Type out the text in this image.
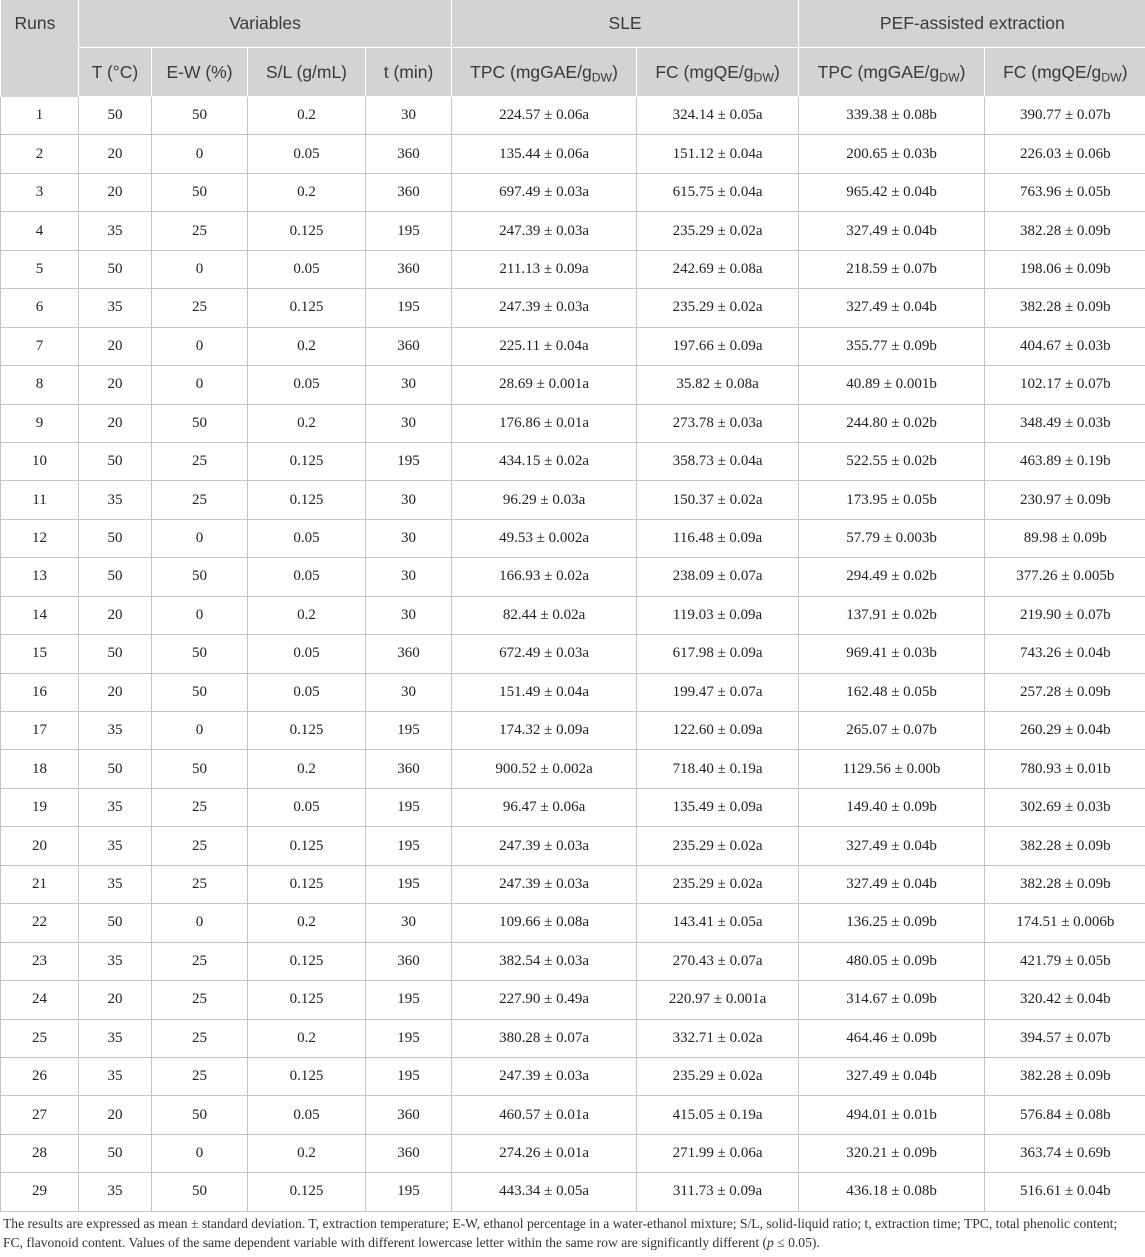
Runs	Variables				SLE		PEF-assisted extraction	
	T (°C)	E-W (%)	S/L (g/mL)	t (min)	TPC $(mgGAE/g_{DW})$	FC $(mgQE/g_{DW})$	TPC $(mgGAE/g_{DW})$	FC $(mgQE/g_{DW})$
1	50	50	0.2	30	224.57 ± 0.06a	324.14 ± 0.05a	339.38 ± 0.08b	390.77 ± 0.07b
2	20	0	0.05	360	135.44 ± 0.06a	151.12 ± 0.04a	200.65 ± 0.03b	226.03 ± 0.06b
3	20	50	0.2	360	697.49 ± 0.03a	615.75 ± 0.04a	965.42 ± 0.04b	763.96 ± 0.05b
4	35	25	0.125	195	247.39 ± 0.03a	235.29 ± 0.02a	327.49 ± 0.04b	382.28 ± 0.09b
5	50	0	0.05	360	211.13 ± 0.09a	242.69 ± 0.08a	218.59 ± 0.07b	198.06 ± 0.09b
6	35	25	0.125	195	247.39 ± 0.03a	235.29 ± 0.02a	327.49 ± 0.04b	382.28 ± 0.09b
7	20	0	0.2	360	225.11 ± 0.04a	197.66 ± 0.09a	355.77 ± 0.09b	404.67 ± 0.03b
8	20	0	0.05	30	28.69 ± 0.001a	35.82 ± 0.08a	40.89 ± 0.001b	102.17 ± 0.07b
9	20	50	0.2	30	176.86 ± 0.01a	273.78 ± 0.03a	244.80 ± 0.02b	348.49 ± 0.03b
10	50	25	0.125	195	434.15 ± 0.02a	358.73 ± 0.04a	522.55 ± 0.02b	463.89 ± 0.19b
11	35	25	0.125	30	96.29 ± 0.03a	150.37 ± 0.02a	173.95 ± 0.05b	230.97 ± 0.09b
12	50	0	0.05	30	49.53 ± 0.002a	116.48 ± 0.09a	57.79 ± 0.003b	89.98 ± 0.09b
13	50	50	0.05	30	166.93 ± 0.02a	238.09 ± 0.07a	294.49 ± 0.02b	377.26 ± 0.005b
14	20	0	0.2	30	82.44 ± 0.02a	119.03 ± 0.09a	137.91 ± 0.02b	219.90 ± 0.07b
15	50	50	0.05	360	672.49 ± 0.03a	617.98 ± 0.09a	969.41 ± 0.03b	743.26 ± 0.04b
16	20	50	0.05	30	151.49 ± 0.04a	199.47 ± 0.07a	162.48 ± 0.05b	257.28 ± 0.09b
17	35	0	0.125	195	174.32 ± 0.09a	122.60 ± 0.09a	265.07 ± 0.07b	260.29 ± 0.04b
18	50	50	0.2	360	900.52 ± 0.002a	718.40 ± 0.19a	1129.56 ± 0.00b	780.93 ± 0.01b
19	35	25	0.05	195	96.47 ± 0.06a	135.49 ± 0.09a	149.40 ± 0.09b	302.69 ± 0.03b
20	35	25	0.125	195	247.39 ± 0.03a	235.29 ± 0.02a	327.49 ± 0.04b	382.28 ± 0.09b
21	35	25	0.125	195	247.39 ± 0.03a	235.29 ± 0.02a	327.49 ± 0.04b	382.28 ± 0.09b
22	50	0	0.2	30	109.66 ± 0.08a	143.41 ± 0.05a	136.25 ± 0.09b	174.51 ± 0.006b
23	35	25	0.125	360	382.54 ± 0.03a	270.43 ± 0.07a	480.05 ± 0.09b	421.79 ± 0.05b
24	20	25	0.125	195	227.90 ± 0.49a	220.97 ± 0.001a	314.67 ± 0.09b	320.42 ± 0.04b
25	35	25	0.2	195	380.28 ± 0.07a	332.71 ± 0.02a	464.46 ± 0.09b	394.57 ± 0.07b
26	35	25	0.125	195	247.39 ± 0.03a	235.29 ± 0.02a	327.49 ± 0.04b	382.28 ± 0.09b
27	20	50	0.05	360	460.57 ± 0.01a	415.05 ± 0.19a	494.01 ± 0.01b	576.84 ± 0.08b
28	50	0	0.2	360	274.26 ± 0.01a	271.99 ± 0.06a	320.21 ± 0.09b	363.74 ± 0.69b
29	35	50	0.125	195	443.34 ± 0.05a	311.73 ± 0.09a	436.18 ± 0.08b	516.61 ± 0.04b
The results are expressed as mean ± standard deviation. T, extraction temperature; E-W, ethanol percentage in a water-ethanol mixture; S/L, solid-liquid ratio; t, extraction time; TPC, total phenolic content; FC, flavonoid content. Values of the same dependent variable with different lowercase letter within the same row are significantly different (p ≤ 0.05).
